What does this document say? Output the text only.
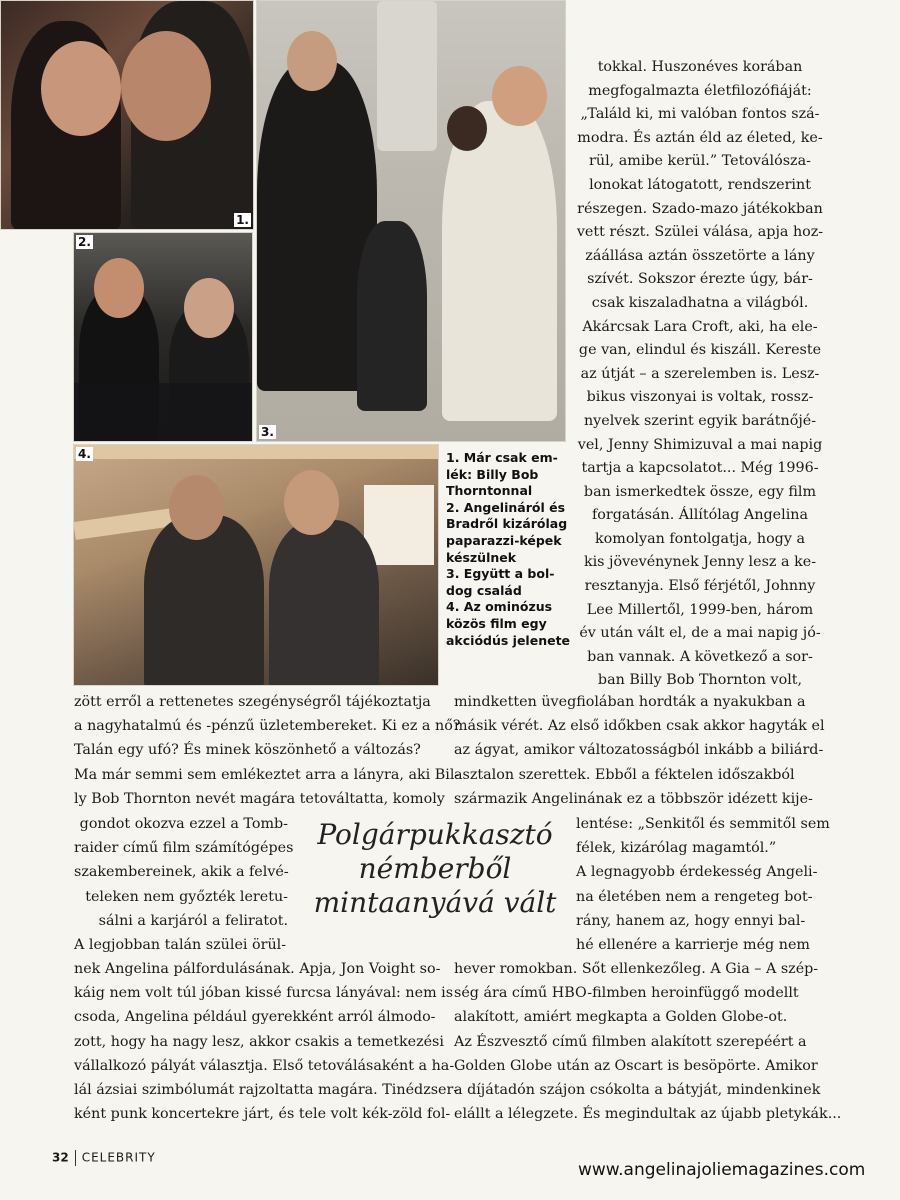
1.
2.
3.
4.	1. Már csak em-
lék: Billy Bob
Thorntonnal
2. Angelináról és
Bradről kizárólag
paparazzi-képek
készülnek
3. Együtt a bol-
dog család
4. Az ominózus
közös film egy
akciódús jelenete
tokkal. Huszonéves korában
megfogalmazta életfilozófiáját:
„Találd ki, mi valóban fontos szá-
modra. És aztán éld az életed, ke-
rül, amibe kerül.” Tetoválósza-
lonokat látogatott, rendszerint
részegen. Szado-mazo játékokban
vett részt. Szülei válása, apja hoz-
záállása aztán összetörte a lány
szívét. Sokszor érezte úgy, bár-
csak kiszaladhatna a világból.
Akárcsak Lara Croft, aki, ha ele-
ge van, elindul és kiszáll. Kereste
az útját – a szerelemben is. Lesz-
bikus viszonyai is voltak, rossz-
nyelvek szerint egyik barátnőjé-
vel, Jenny Shimizuval a mai napig
tartja a kapcsolatot... Még 1996-
ban ismerkedtek össze, egy film
forgatásán. Állítólag Angelina
komolyan fontolgatja, hogy a
kis jövevénynek Jenny lesz a ke-
resztanyja. Első férjétől, Johnny
Lee Millertől, 1999-ben, három
év után vált el, de a mai napig jó-
ban vannak. A következő a sor-
ban Billy Bob Thornton volt,
zött erről a rettenetes szegénységről tájékoztatja
a nagyhatalmú és -pénzű üzletembereket. Ki ez a nő?
Talán egy ufó? És minek köszönhető a változás?
Ma már semmi sem emlékeztet arra a lányra, aki Bil-
ly Bob Thornton nevét magára tetováltatta, komoly
gondot okozva ezzel a Tomb-
raider című film számítógépes
szakembereinek, akik a felvé-
teleken nem győzték leretu-
sálni a karjáról a feliratot.
A legjobban talán szülei örül-
nek Angelina pálfordulásának. Apja, Jon Voight so-
káig nem volt túl jóban kissé furcsa lányával: nem is
csoda, Angelina például gyerekként arról álmodo-
zott, hogy ha nagy lesz, akkor csakis a temetkezési
vállalkozó pályát választja. Első tetoválásaként a ha-
lál ázsiai szimbólumát rajzoltatta magára. Tinédzser-
ként punk koncertekre járt, és tele volt kék-zöld fol-
mindketten üvegfiolában hordták a nyakukban a
másik vérét. Az első időkben csak akkor hagyták el
az ágyat, amikor változatosságból inkább a biliárd-
asztalon szerettek. Ebből a féktelen időszakból
származik Angelinának ez a többször idézett kije-
Polgárpukkasztó
némberből
mintaanyává vált
lentése: „Senkitől és semmitől sem
félek, kizárólag magamtól.”
A legnagyobb érdekesség Angeli-
na életében nem a rengeteg bot-
rány, hanem az, hogy ennyi bal-
hé ellenére a karrierje még nem
hever romokban. Sőt ellenkezőleg. A Gia – A szép-
ség ára című HBO-filmben heroinfüggő modellt
alakított, amiért megkapta a Golden Globe-ot.
Az Észvesztő című filmben alakított szerepéért a
Golden Globe után az Oscart is besöpörte. Amikor
a díjátadón szájon csókolta a bátyját, mindenkinek
elállt a lélegzete. És megindultak az újabb pletykák...
32 CELEBRITY
www.angelinajoliemagazines.com
